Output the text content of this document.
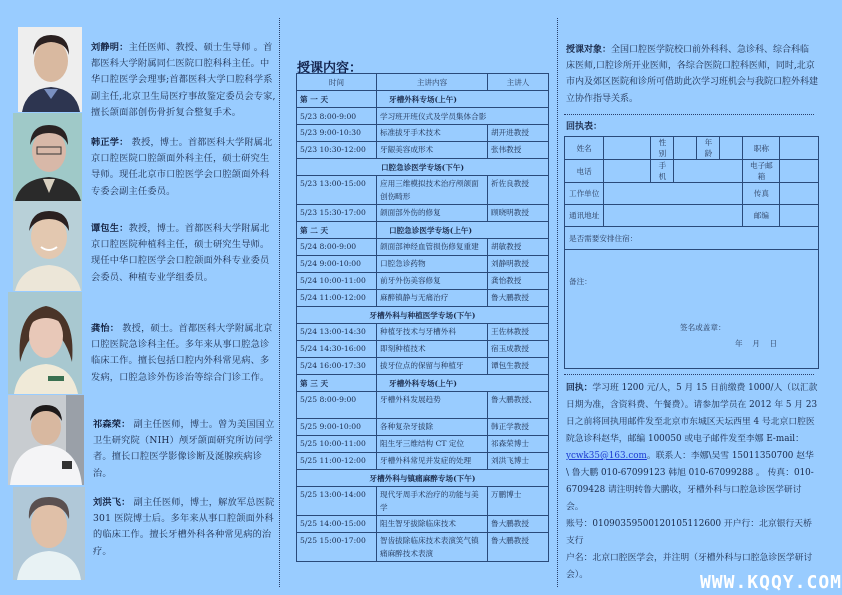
刘静明：主任医师、教授、硕士生导师 。首都医科大学附属同仁医院口腔科科主任。中华口腔医学会理事;首都医科大学口腔科学系副主任,北京卫生局医疗事故鉴定委员会专家,擅长颌面部创伤骨折复合整复手术。
韩正学： 教授，博士。首都医科大学附属北京口腔医院口腔颌面外科主任，硕士研究生导师。现任北京市口腔医学会口腔颌面外科专委会副主任委员。
谭包生：教授，博士。首都医科大学附属北京口腔医院种植科主任，硕士研究生导师。现任中华口腔医学会口腔颌面外科专业委员会委员、种植专业学组委员。
龚怡： 教授，硕士。首都医科大学附属北京口腔医院急诊科主任。多年来从事口腔急诊临床工作。擅长包括口腔内外科常见病、多发病，口腔急诊外伤诊治等综合门诊工作。
祁森荣： 副主任医师，博士。曾为美国国立卫生研究院（NIH）颅牙颌面研究所访问学者。擅长口腔医学影像诊断及涎腺疾病诊治。
刘洪飞： 副主任医师，博士，解放军总医院301 医院博士后。多年来从事口腔颌面外科的临床工作。擅长牙槽外科各种常见病的治疗。
授课内容：
时间	主讲内容	主讲人
第 一 天	牙槽外科专场(上午)	
5/23 8:00-9:00	学习班开班仪式及学员集体合影	
5/23 9:00-10:30	标准拔牙手术技术	胡开进教授
5/23 10:30-12:00	牙龈美容成形术	张伟教授
口腔急诊医学专场(下午)		
5/23 13:00-15:00	应用三维模拟技术治疗颅颌面创伤畸形	祈佐良教授
5/23 15:30-17:00	颌面部外伤的修复	顾晓明教授
第 二 天	口腔急诊医学专场(上午)	
5/24 8:00-9:00	颌面部神经血管损伤修复重建	胡敏教授
5/24 9:00-10:00	口腔急诊药物	刘静明教授
5/24 10:00-11:00	前牙外伤美容修复	龚怡教授
5/24 11:00-12:00	麻醉镇静与无痛治疗	鲁大鹏教授
牙槽外科与种植医学专场(下午)		
5/24 13:00-14:30	种植牙技术与牙槽外科	王佐林教授
5/24 14:30-16:00	即刻种植技术	宿玉成教授
5/24 16:00-17:30	拔牙位点的保留与种植牙	谭包生教授
第 三 天	牙槽外科专场(上午)	
5/25 8:00-9:00	牙槽外科发展趋势	鲁大鹏教授、
5/25 9:00-10:00	各种复杂牙拔除	韩正学教授
5/25 10:00-11:00	阻生牙三维结构 CT 定位	祁森荣博士
5/25 11:00-12:00	牙槽外科常见并发症的处理	刘洪飞博士
牙槽外科与镇痛麻醉专场(下午)		
5/25 13:00-14:00	现代牙周手术治疗的功能与美学	万鹏博士
5/25 14:00-15:00	阻生智牙拔除临床技术	鲁大鹏教授
5/25 15:00-17:00	智齿拔除临床技术表演笑气镇痛麻醉技术表演	鲁大鹏教授
授课对象：全国口腔医学院校口前外科科、急诊科、综合科临床医师,口腔诊所开业医师，各综合医院口腔科医师，同时,北京市内及郊区医院和诊所可借助此次学习班机会与我院口腔外科建立协作指导关系。
回执表：
姓名		性别		年龄		职称	
电话		手机				电子邮箱	
工作单位						传真	
通讯地址						邮编	
是否需要安排住宿：							

备注：
签名或盖章：
年    月    日							
回执：学习班 1200 元/人，5 月 15 日前缴费 1000/人（以汇款日期为准，含资料费、午餐费）。请参加学员在 2012 年 5 月 23 日之前将回执用邮件发至北京市东城区天坛西里 4 号北京口腔医院急诊科赵华，邮编 100050 或电子邮件发至李娜 E-mail：ycwk35@163.com。联系人：李娜\吴雪 15011350700 赵华 \ 鲁大鹏 010-67099123 韩旭 010-67099288 。 传真：010-6709428 请注明转鲁大鹏收，牙槽外科与口腔急诊医学研讨会。
账号：01090359500120105112600 开户行：北京银行天桥支行
户名：北京口腔医学会，并注明（牙槽外科与口腔急诊医学研讨会）。	WWW.KQQY.COM
